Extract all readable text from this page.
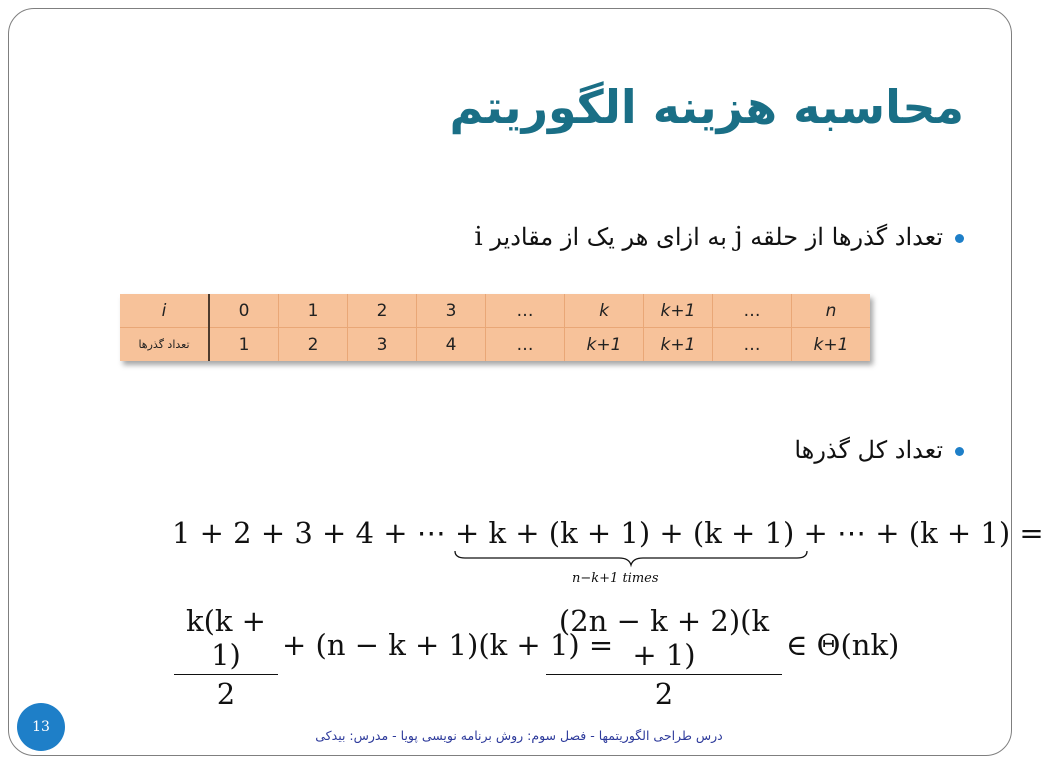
محاسبه هزینه الگوریتم
تعداد گذرها از حلقه j به ازای هر یک از مقادیر i
i	0	1	2	3	…	k	k+1	…	n
تعداد گذرها	1	2	3	4	…	k+1	k+1	…	k+1
تعداد کل گذرها
1 + 2 + 3 + 4 + ⋯ + k + (k + 1) + (k + 1) + ⋯ + (k + 1) =
n−k+1 times
$\frac{k(k + 1)}{2} + (n - k + 1)(k + 1)$ =
$\frac{(2n - k + 2)(k + 1)}{2}$ ∈ Θ(nk)
13
درس طراحی الگوریتمها - فصل سوم: روش برنامه نویسی پویا - مدرس: بیدکی
